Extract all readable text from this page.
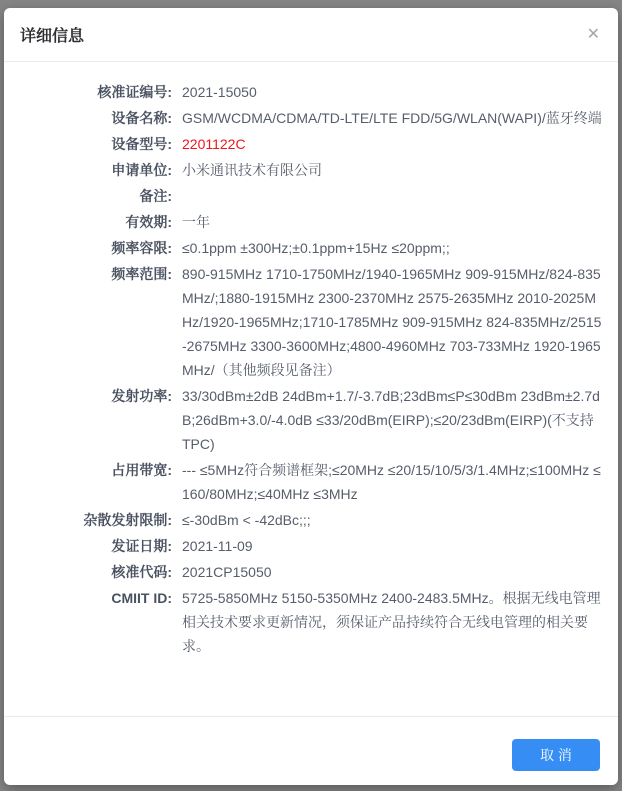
详细信息	✕
核准证编号: 2021-15050
设备名称: GSM/WCDMA/CDMA/TD-LTE/LTE FDD/5G/WLAN(WAPI)/蓝牙终端
设备型号: 2201122C
申请单位: 小米通讯技术有限公司
备注:
有效期: 一年
频率容限: ≤0.1ppm ±300Hz;±0.1ppm+15Hz ≤20ppm;;
频率范围: 890-915MHz 1710-1750MHz/1940-1965MHz 909-915MHz/824-835MHz/;1880-1915MHz 2300-2370MHz 2575-2635MHz 2010-2025MHz/1920-1965MHz;1710-1785MHz 909-915MHz 824-835MHz/2515-2675MHz 3300-3600MHz;4800-4960MHz 703-733MHz 1920-1965MHz/（其他频段见备注）
发射功率: 33/30dBm±2dB 24dBm+1.7/-3.7dB;23dBm≤P≤30dBm 23dBm±2.7dB;26dBm+3.0/-4.0dB ≤33/20dBm(EIRP);≤20/23dBm(EIRP)(不支持TPC)
占用带宽: --- ≤5MHz符合频谱框架;≤20MHz ≤20/15/10/5/3/1.4MHz;≤100MHz ≤160/80MHz;≤40MHz ≤3MHz
杂散发射限制: ≤-30dBm < -42dBc;;;
发证日期: 2021-11-09
核准代码: 2021CP15050
CMIIT ID: 5725-5850MHz 5150-5350MHz 2400-2483.5MHz。根据无线电管理相关技术要求更新情况，须保证产品持续符合无线电管理的相关要求。
取 消
